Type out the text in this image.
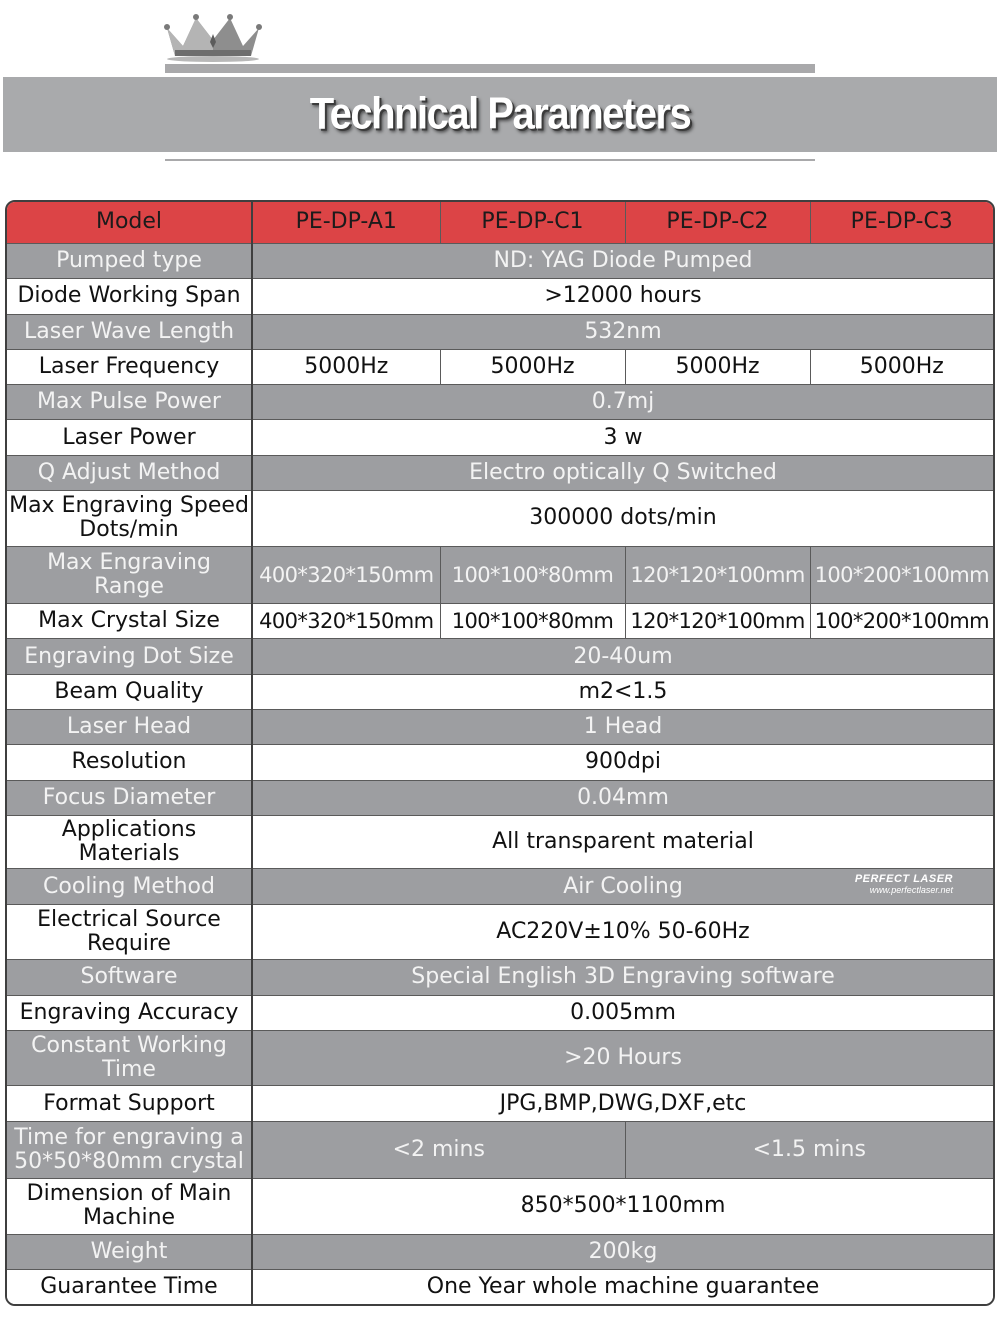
Technical Parameters
Model	PE-DP-A1	PE-DP-C1	PE-DP-C2	PE-DP-C3
Pumped type	ND: YAG Diode Pumped			
Diode Working Span	>12000 hours			
Laser Wave Length	532nm			
Laser Frequency	5000Hz	5000Hz	5000Hz	5000Hz
Max Pulse Power	0.7mj			
Laser Power	3 w			
Q Adjust Method	Electro optically Q Switched			
Max Engraving Speed Dots/min	300000 dots/min			
Max Engraving Range	400*320*150mm	100*100*80mm	120*120*100mm	100*200*100mm
Max Crystal Size	400*320*150mm	100*100*80mm	120*120*100mm	100*200*100mm
Engraving Dot Size	20-40um			
Beam Quality	m2<1.5			
Laser Head	1 Head			
Resolution	900dpi			
Focus Diameter	0.04mm			
Applications Materials	All transparent material			
Cooling Method	Air Cooling PERFECT LASER
www.perfectlaser.net			

Electrical Source Require	AC220V±10% 50-60Hz			
Software	Special English 3D Engraving software			
Engraving Accuracy	0.005mm			
Constant Working Time	>20 Hours			
Format Support	JPG,BMP,DWG,DXF,etc			
Time for engraving a 50*50*80mm crystal	<2 mins		<1.5 mins	
Dimension of Main Machine	850*500*1100mm			
Weight	200kg			
Guarantee Time	One Year whole machine guarantee			
